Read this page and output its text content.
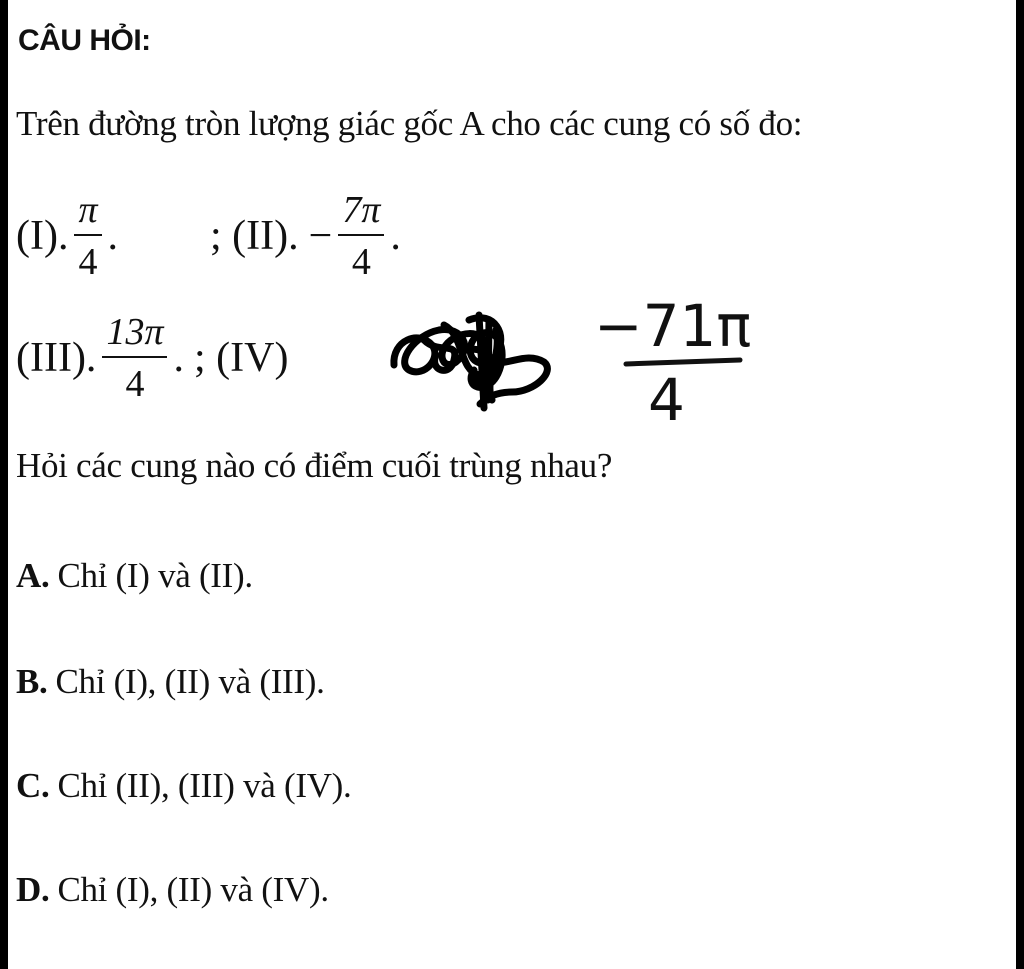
CÂU HỎI:
Trên đường tròn lượng giác gốc A cho các cung có số đo:
(I). $\frac{\pi}{4}$ . ; (II). − $\frac{7\pi}{4}$ .
(III). $\frac{13\pi}{4}$ . ; (IV)	−71π
4
Hỏi các cung nào có điểm cuối trùng nhau?
A. Chỉ (I) và (II).
B. Chỉ (I), (II) và (III).
C. Chỉ (II), (III) và (IV).
D. Chỉ (I), (II) và (IV).
